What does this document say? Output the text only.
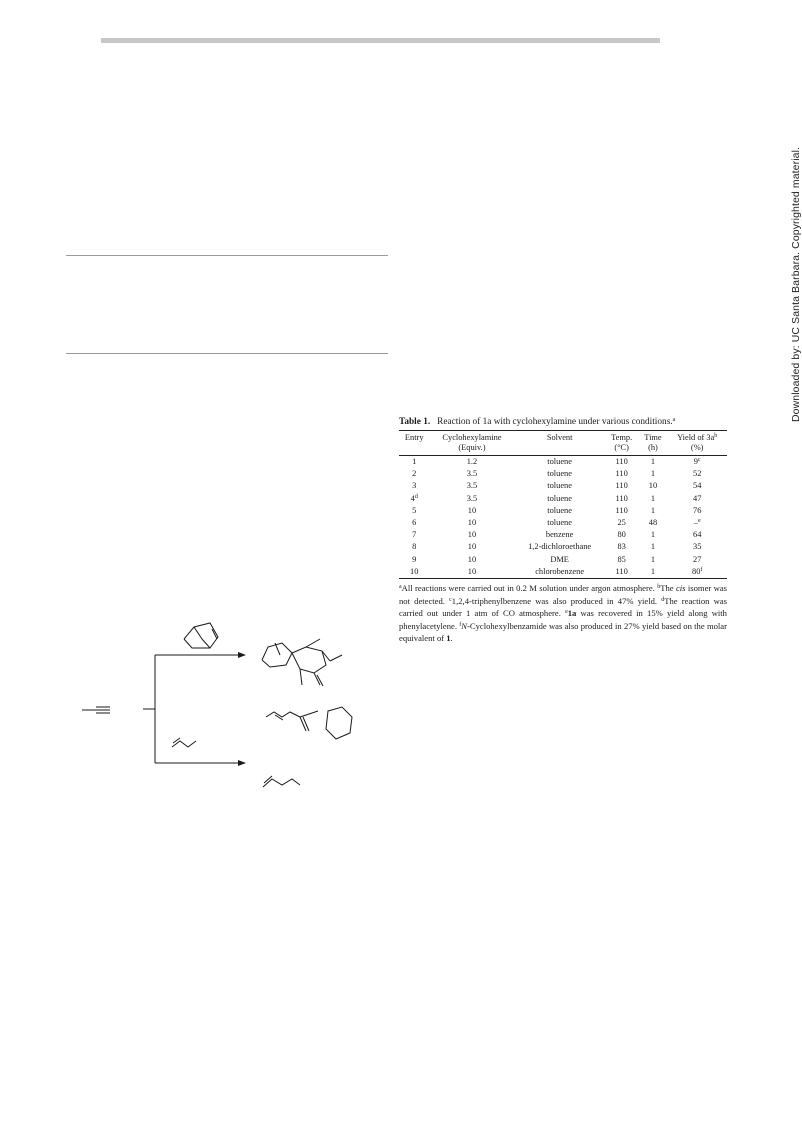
Downloaded by: UC Santa Barbara. Copyrighted material.
Table 1. Reaction of 1a with cyclohexylamine under various conditions.$^a$
Entry	Cyclohexylamine	Solvent	Temp.	Time	Yield of $3a^b$
	(Equiv.)		(°C)	(h)	(%)
1	1.2	toluene	110	1	9$^c$
2	3.5	toluene	110	1	52
3	3.5	toluene	110	10	54
4$^d$	3.5	toluene	110	1	47
5	10	toluene	110	1	76
6	10	toluene	25	48	–$^e$
7	10	benzene	80	1	64
8	10	1,2-dichloroethane	83	1	35
9	10	DME	85	1	27
10	10	chlorobenzene	110	1	80$^f$
$^a$All reactions were carried out in 0.2 M solution under argon atmosphere. $^b$The cis isomer was not detected. $^c$1,2,4-triphenylbenzene was also produced in 47% yield. $^d$The reaction was carried out under 1 atm of CO atmosphere. $^e$1a was recovered in 15% yield along with phenylacetylene. $^f$N-Cyclohexylbenzamide was also produced in 27% yield based on the molar equivalent of 1.
